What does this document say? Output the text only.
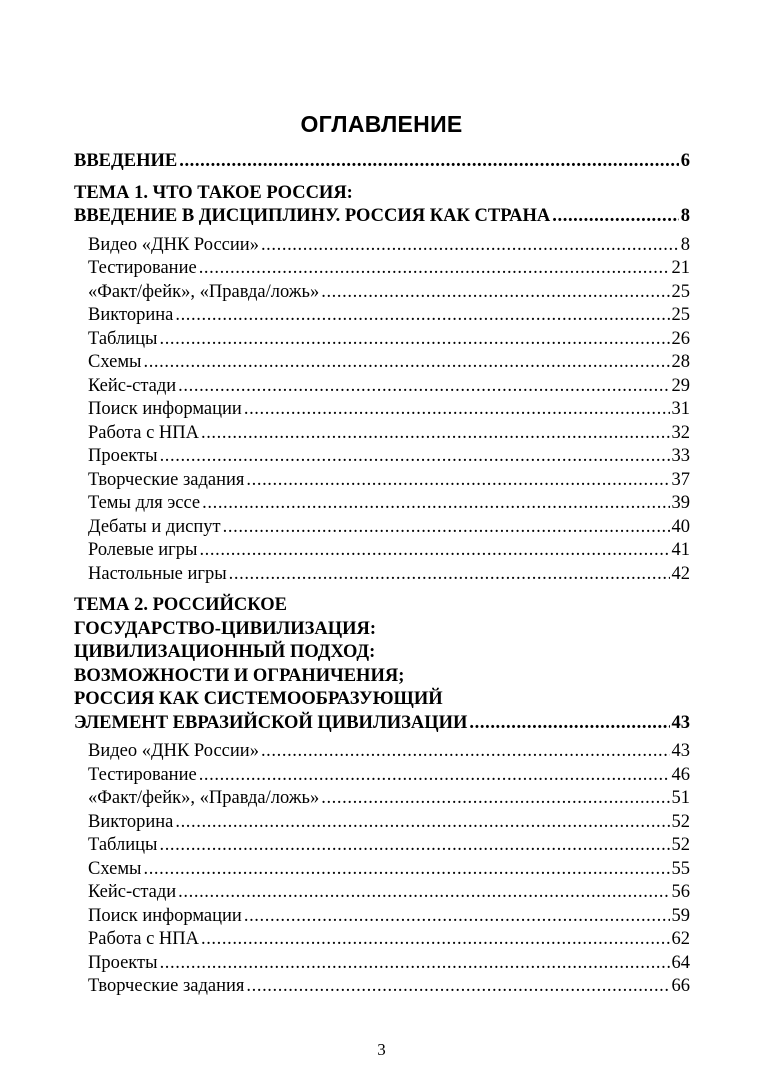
ОГЛАВЛЕНИЕ
ВВЕДЕНИЕ .....	6
ТЕМА 1. ЧТО ТАКОЕ РОССИЯ:
ВВЕДЕНИЕ В ДИСЦИПЛИНУ. РОССИЯ КАК СТРАНА .....	8
Видео «ДНК России» .....	8
Тестирование .....	21
«Факт/фейк», «Правда/ложь» .....	25
Викторина .....	25
Таблицы .....	26
Схемы .....	28
Кейс-стади .....	29
Поиск информации .....	31
Работа с НПА .....	32
Проекты .....	33
Творческие задания .....	37
Темы для эссе .....	39
Дебаты и диспут .....	40
Ролевые игры .....	41
Настольные игры .....	42
ТЕМА 2. РОССИЙСКОЕ
ГОСУДАРСТВО-ЦИВИЛИЗАЦИЯ:
ЦИВИЛИЗАЦИОННЫЙ ПОДХОД:
ВОЗМОЖНОСТИ И ОГРАНИЧЕНИЯ;
РОССИЯ КАК СИСТЕМООБРАЗУЮЩИЙ
ЭЛЕМЕНТ ЕВРАЗИЙСКОЙ ЦИВИЛИЗАЦИИ .....	43
Видео «ДНК России» .....	43
Тестирование .....	46
«Факт/фейк», «Правда/ложь» .....	51
Викторина .....	52
Таблицы .....	52
Схемы .....	55
Кейс-стади .....	56
Поиск информации .....	59
Работа с НПА .....	62
Проекты .....	64
Творческие задания .....	66
3
